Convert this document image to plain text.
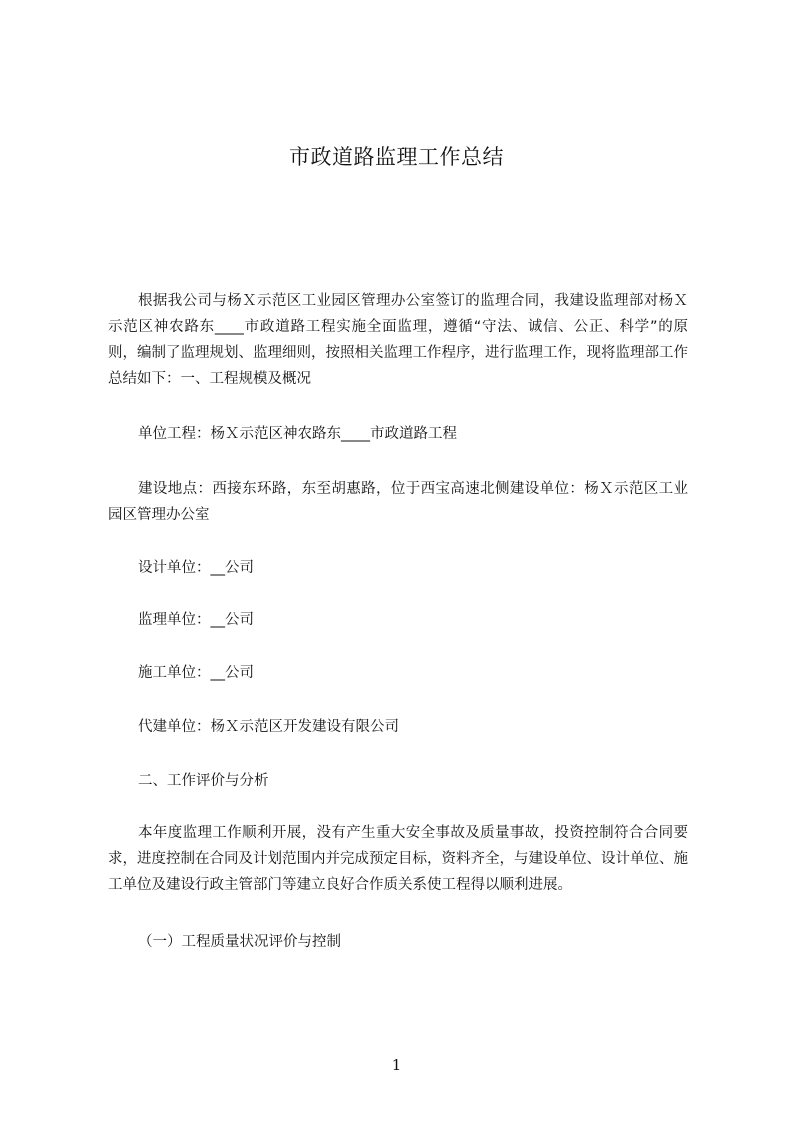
市政道路监理工作总结

根据我公司与杨Ｘ示范区工业园区管理办公室签订的监理合同，我建设监理部对杨Ｘ示范区神农路东____市政道路工程实施全面监理，遵循“守法、诚信、公正、科学”的原则，编制了监理规划、监理细则，按照相关监理工作程序，进行监理工作，现将监理部工作总结如下：一、工程规模及概况

单位工程：杨Ｘ示范区神农路东____市政道路工程

建设地点：西接东环路，东至胡惠路，位于西宝高速北侧建设单位：杨Ｘ示范区工业园区管理办公室

设计单位：__公司

监理单位：__公司

施工单位：__公司

代建单位：杨Ｘ示范区开发建设有限公司

二、工作评价与分析

本年度监理工作顺利开展，没有产生重大安全事故及质量事故，投资控制符合合同要求，进度控制在合同及计划范围内并完成预定目标，资料齐全，与建设单位、设计单位、施工单位及建设行政主管部门等建立良好合作质关系使工程得以顺利进展。

（一）工程质量状况评价与控制

1
